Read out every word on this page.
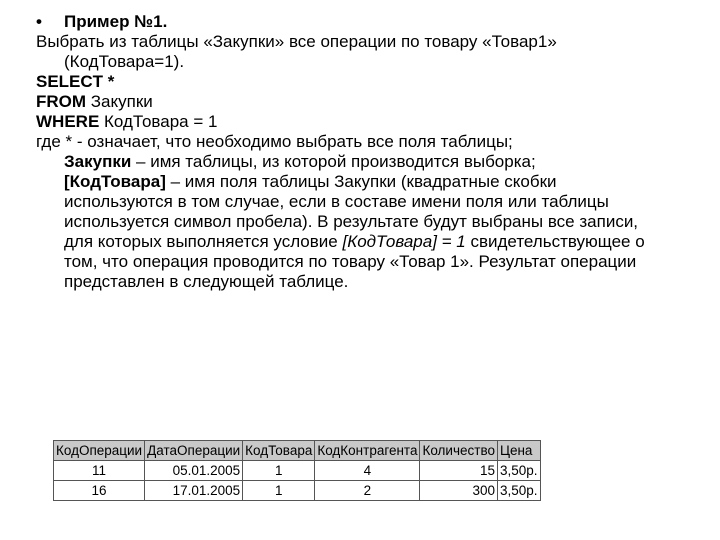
• Пример №1.
Выбрать из таблицы «Закупки» все операции по товару «Товар1»
(КодТовара=1).
SELECT *
FROM Закупки
WHERE КодТовара = 1
где * - означает, что необходимо выбрать все поля таблицы;
Закупки – имя таблицы, из которой производится выборка;
[КодТовара] – имя поля таблицы Закупки (квадратные скобки используются в том случае, если в составе имени поля или таблицы используется символ пробела). В результате будут выбраны все записи, для которых выполняется условие [КодТовара] = 1 свидетельствующее о том, что операция проводится по товару «Товар 1». Результат операции представлен в следующей таблице.
КодОперации	ДатаОперации	КодТовара	КодКонтрагента	Количество	Цена
11	05.01.2005	1	4	15	3,50р.
16	17.01.2005	1	2	300	3,50р.
